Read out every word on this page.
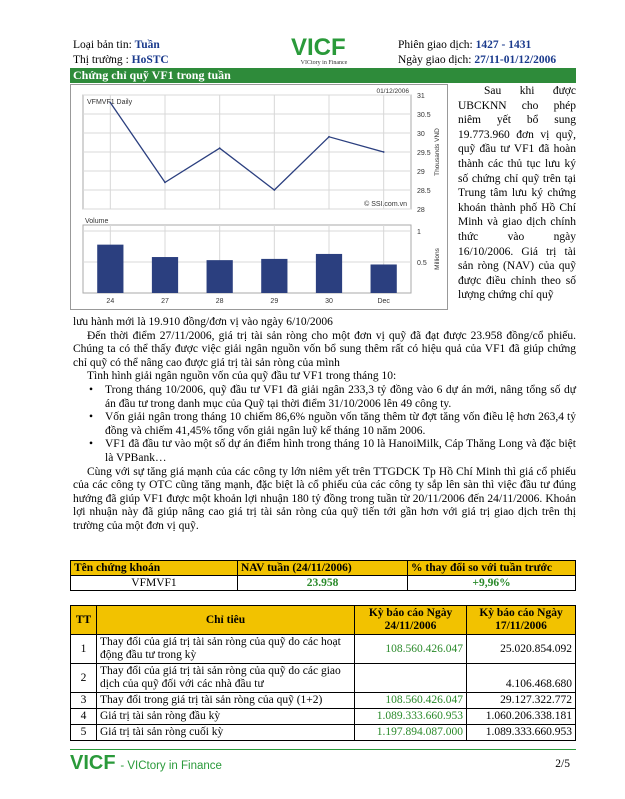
Loại bản tin: Tuần
Thị trường : HoSTC	VICF
VICtory in Finance
Phiên giao dịch: 1427 - 1431
Ngày giao dịch: 27/11-01/12/2006
Chứng chỉ quỹ VF1 trong tuần
31
30.5
30
29.5
29
28.5
28
VFMVF1 Daily
01/12/2006
© SSI.com.vn
Thousands VND
1
0.5
Volume
Millions
24	27	28	29	30	Dec

Sau khi được UBCKNN cho phép niêm yết bổ sung 19.773.960 đơn vị quỹ, quỹ đầu tư VF1 đã hoàn thành các thủ tục lưu ký số chứng chỉ quỹ trên tại Trung tâm lưu ký chứng khoán thành phố Hồ Chí Minh và giao dịch chính thức vào ngày 16/10/2006. Giá trị tài sản ròng (NAV) của quỹ được điều chỉnh theo số lượng chứng chỉ quỹ

lưu hành mới là 19.910 đồng/đơn vị vào ngày 6/10/2006

Đến thời điểm 27/11/2006, giá trị tài sản ròng cho một đơn vị quỹ đã đạt được 23.958 đồng/cổ phiếu. Chúng ta có thể thấy được việc giải ngân nguồn vốn bổ sung thêm rất có hiệu quả của VF1 đã giúp chứng chỉ quỹ có thể nâng cao được giá trị tài sản ròng của mình

Tình hình giải ngân nguồn vốn của quỹ đầu tư VF1 trong tháng 10:

• Trong tháng 10/2006, quỹ đầu tư VF1 đã giải ngân 233,3 tỷ đồng vào 6 dự án mới, nâng tổng số dự án đầu tư trong danh mục của Quỹ tại thời điểm 31/10/2006 lên 49 công ty.
• Vốn giải ngân trong tháng 10 chiếm 86,6% nguồn vốn tăng thêm từ đợt tăng vốn điều lệ hơn 263,4 tỷ đồng và chiếm 41,45% tổng vốn giải ngân luỹ kế tháng 10 năm 2006.
• VF1 đã đầu tư vào một số dự án điểm hình trong tháng 10 là HanoiMilk, Cáp Thăng Long và đặc biệt là VPBank…

Cùng với sự tăng giá mạnh của các công ty lớn niêm yết trên TTGDCK Tp Hồ Chí Minh thì giá cổ phiếu của các công ty OTC cũng tăng mạnh, đặc biệt là cổ phiếu của các công ty sắp lên sàn thì việc đầu tư đúng hướng đã giúp VF1 được một khoản lợi nhuận 180 tỷ đồng trong tuần từ 20/11/2006 đến 24/11/2006. Khoản lợi nhuận này đã giúp nâng cao giá trị tài sản ròng của quỹ tiến tới gần hơn với giá trị giao dịch trên thị trường của một đơn vị quỹ.

Tên chứng khoán	NAV tuần (24/11/2006)	% thay đổi so với tuần trước
VFMVF1	23.958	+9,96%
TT	Chỉ tiêu	Kỳ báo cáo Ngày 24/11/2006	Kỳ báo cáo Ngày 17/11/2006
1	Thay đổi của giá trị tài sản ròng của quỹ do các hoạt động đầu tư trong kỳ	108.560.426.047	25.020.854.092
2	Thay đổi của giá trị tài sản ròng của quỹ do các giao dịch của quỹ đối với các nhà đầu tư		4.106.468.680
3	Thay đổi trong giá trị tài sản ròng của quỹ (1+2)	108.560.426.047	29.127.322.772
4	Giá trị tài sản ròng đầu kỳ	1.089.333.660.953	1.060.206.338.181
5	Giá trị tài sản ròng cuối kỳ	1.197.894.087.000	1.089.333.660.953
VICF - VICtory in Finance	2/5
